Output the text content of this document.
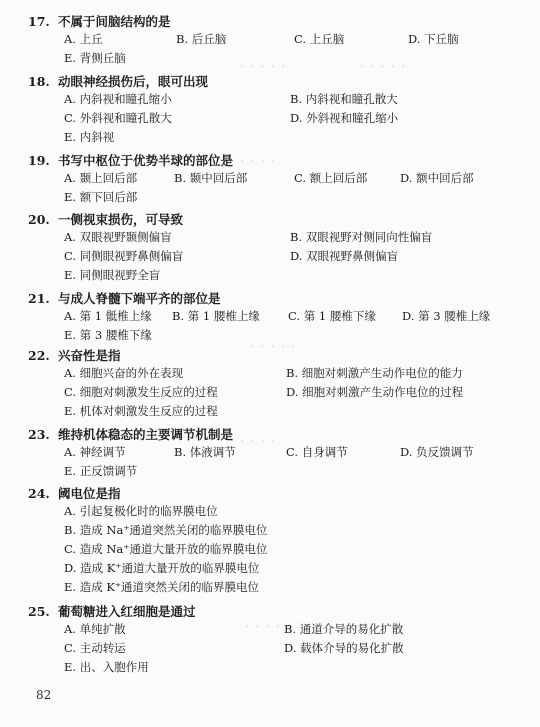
· · · · ·	· · · · ·
· · · · ·
· · · · ·
· · · · ·
· · · · ·
17. 不属于间脑结构的是
A. 上丘	B. 后丘脑	C. 上丘脑	D. 下丘脑
E. 背侧丘脑
18. 动眼神经损伤后，眼可出现
A. 内斜视和瞳孔缩小	B. 内斜视和瞳孔散大
C. 外斜视和瞳孔散大	D. 外斜视和瞳孔缩小
E. 内斜视
19. 书写中枢位于优势半球的部位是
A. 颞上回后部	B. 颞中回后部	C. 额上回后部	D. 额中回后部
E. 额下回后部
20. 一侧视束损伤，可导致
A. 双眼视野颞侧偏盲	B. 双眼视野对侧同向性偏盲
C. 同侧眼视野鼻侧偏盲	D. 双眼视野鼻侧偏盲
E. 同侧眼视野全盲
21. 与成人脊髓下端平齐的部位是
A. 第 1 骶椎上缘 B. 第 1 腰椎上缘 C. 第 1 腰椎下缘 D. 第 3 腰椎上缘
E. 第 3 腰椎下缘
22. 兴奋性是指
A. 细胞兴奋的外在表现	B. 细胞对刺激产生动作电位的能力
C. 细胞对刺激发生反应的过程	D. 细胞对刺激产生动作电位的过程
E. 机体对刺激发生反应的过程
23. 维持机体稳态的主要调节机制是
A. 神经调节	B. 体液调节	C. 自身调节	D. 负反馈调节
E. 正反馈调节
24. 阈电位是指
A. 引起复极化时的临界膜电位
B. 造成 Na⁺通道突然关闭的临界膜电位
C. 造成 Na⁺通道大量开放的临界膜电位
D. 造成 K⁺通道大量开放的临界膜电位
E. 造成 K⁺通道突然关闭的临界膜电位
25. 葡萄糖进入红细胞是通过
A. 单纯扩散	B. 通道介导的易化扩散
C. 主动转运	D. 载体介导的易化扩散
E. 出、入胞作用
82
